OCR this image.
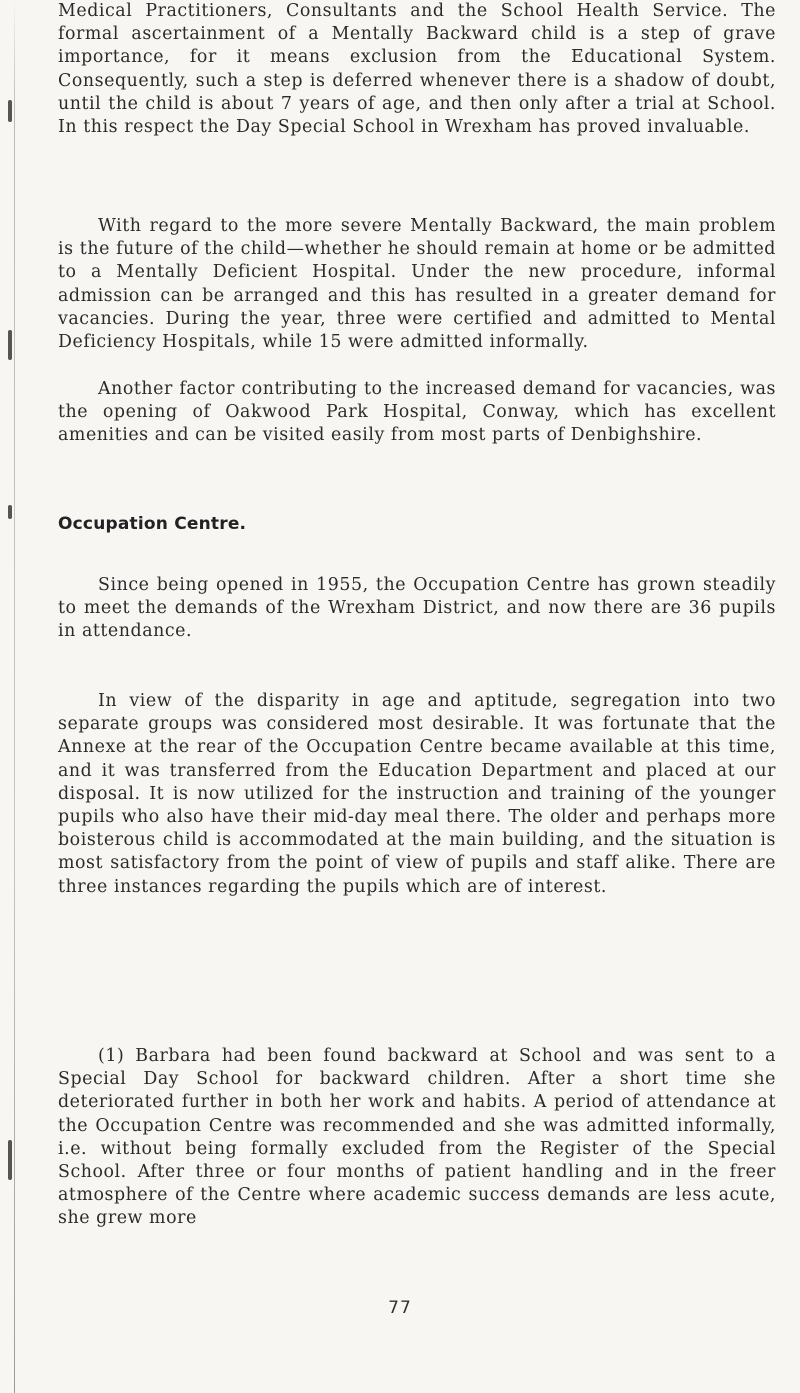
Medical Practitioners, Consultants and the School Health Service. The formal ascertainment of a Mentally Backward child is a step of grave importance, for it means exclusion from the Educational System. Consequently, such a step is deferred whenever there is a shadow of doubt, until the child is about 7 years of age, and then only after a trial at School. In this respect the Day Special School in Wrexham has proved invaluable.

With regard to the more severe Mentally Backward, the main problem is the future of the child—whether he should remain at home or be admitted to a Mentally Deficient Hospital. Under the new procedure, informal admission can be arranged and this has resulted in a greater demand for vacancies. During the year, three were certified and admitted to Mental Deficiency Hospitals, while 15 were admitted informally.

Another factor contributing to the increased demand for vacancies, was the opening of Oakwood Park Hospital, Conway, which has excellent amenities and can be visited easily from most parts of Denbighshire.

Since being opened in 1955, the Occupation Centre has grown steadily to meet the demands of the Wrexham District, and now there are 36 pupils in attendance.

In view of the disparity in age and aptitude, segregation into two separate groups was considered most desirable. It was fortunate that the Annexe at the rear of the Occupation Centre became available at this time, and it was transferred from the Education Department and placed at our disposal. It is now utilized for the instruction and training of the younger pupils who also have their mid-day meal there. The older and perhaps more boisterous child is accommodated at the main building, and the situation is most satisfactory from the point of view of pupils and staff alike. There are three instances regarding the pupils which are of interest.

(1) Barbara had been found backward at School and was sent to a Special Day School for backward children. After a short time she deteriorated further in both her work and habits. A period of attendance at the Occupation Centre was recommended and she was admitted informally, i.e. without being formally excluded from the Register of the Special School. After three or four months of patient handling and in the freer atmosphere of the Centre where academic success demands are less acute, she grew more

Occupation Centre.
77
